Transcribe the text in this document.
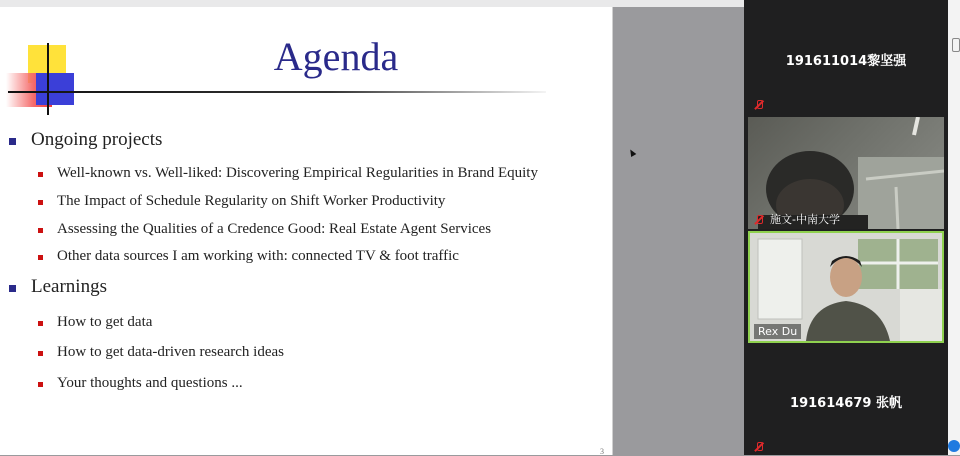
Agenda
Ongoing projects
Well-known vs. Well-liked: Discovering Empirical Regularities in Brand Equity
The Impact of Schedule Regularity on Shift Worker Productivity
Assessing the Qualities of a Credence Good: Real Estate Agent Services
Other data sources I am working with: connected TV & foot traffic
Learnings
How to get data
How to get data-driven research ideas
Your thoughts and questions ...
3
191611014黎坚强
施文-中南大学
Rex Du
191614679 张帆
